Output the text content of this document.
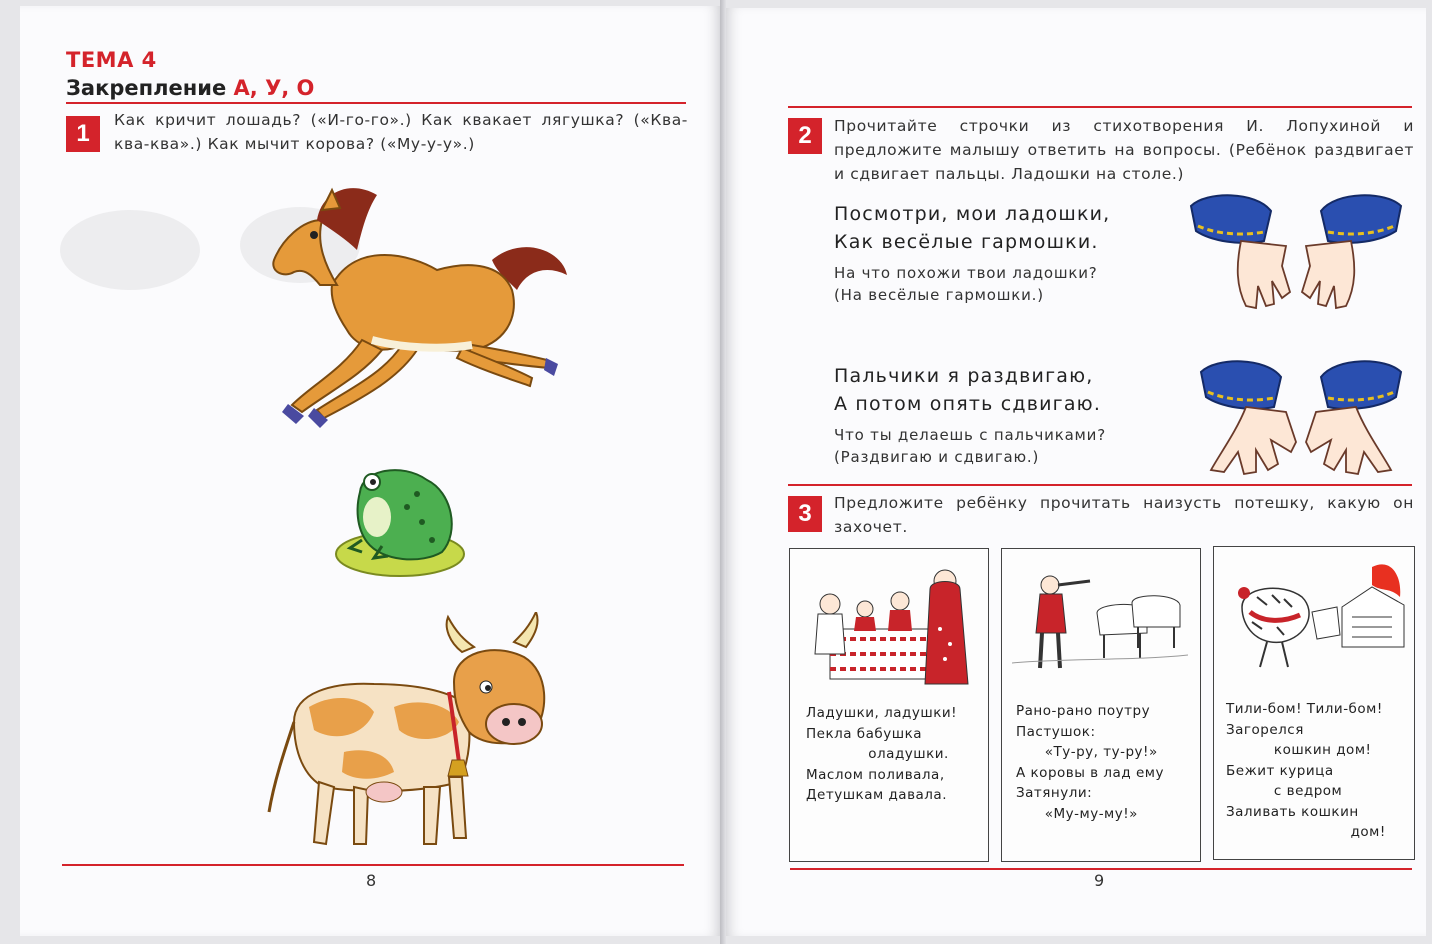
ТЕМА 4
Закрепление А, У, О
1	Как кричит лошадь? («И-го-го».) Как квакает лягушка? («Ква-ква-ква».) Как мычит корова? («Му-у-у».)
8
2	Прочитайте строчки из стихотворения И. Лопухиной и предложите малышу ответить на вопросы. (Ребёнок раздвигает и сдвигает пальцы. Ладошки на столе.)
Посмотри, мои ладошки,
Как весёлые гармошки.
На что похожи твои ладошки?
(На весёлые гармошки.)
Пальчики я раздвигаю,
А потом опять сдвигаю.
Что ты делаешь с пальчиками?
(Раздвигаю и сдвигаю.)
3	Предложите ребёнку прочитать наизусть потешку, какую он захочет.
Ладушки, ладушки!
Пекла бабушка
оладушки.
Маслом поливала,
Детушкам давала.
Рано-рано поутру
Пастушок:
«Ту-ру, ту-ру!»
А коровы в лад ему
Затянули:
«Му-му-му!»
Тили-бом! Тили-бом!
Загорелся
кошкин дом!
Бежит курица
с ведром
Заливать кошкин
дом!
9
